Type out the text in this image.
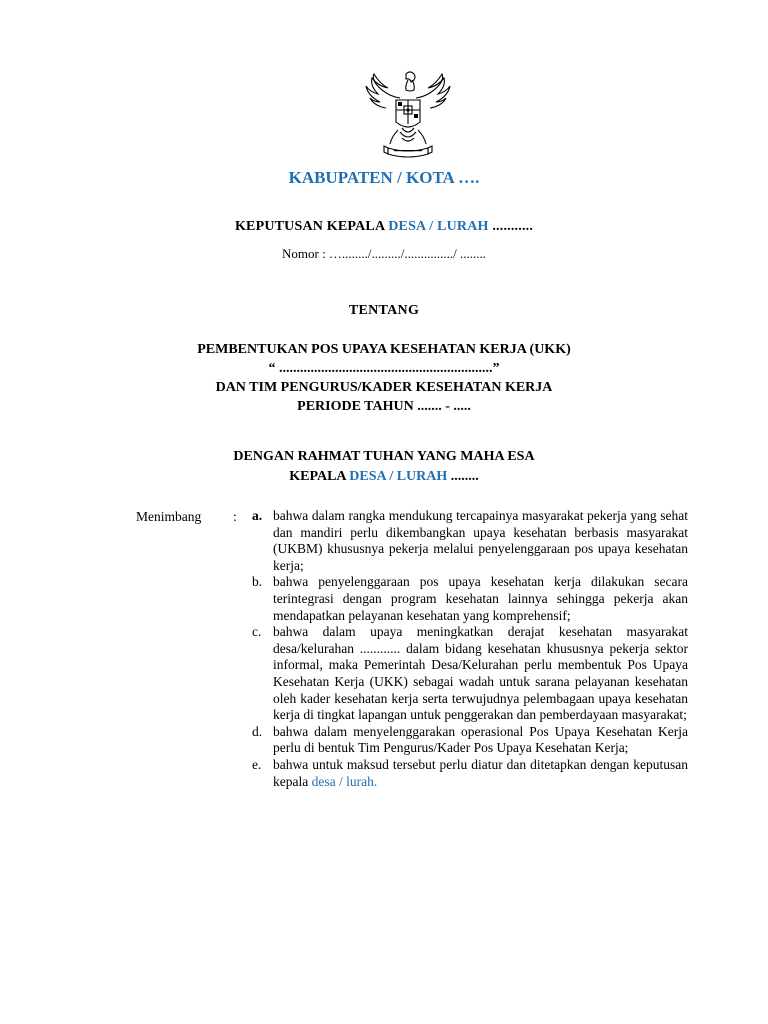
KABUPATEN / KOTA ….
KEPUTUSAN KEPALA DESA / LURAH ...........
Nomor : …......../........./.............../ ........
TENTANG
PEMBENTUKAN POS UPAYA KESEHATAN KERJA (UKK)
“ .............................................................”
DAN TIM PENGURUS/KADER KESEHATAN KERJA
PERIODE TAHUN ....... - .....
DENGAN RAHMAT TUHAN YANG MAHA ESA
KEPALA DESA / LURAH ........
Menimbang : a. bahwa dalam rangka mendukung tercapainya masyarakat pekerja yang sehat dan mandiri perlu dikembangkan upaya kesehatan berbasis masyarakat (UKBM) khususnya pekerja melalui penyelenggaraan pos upaya kesehatan kerja;
b. bahwa penyelenggaraan pos upaya kesehatan kerja dilakukan secara terintegrasi dengan program kesehatan lainnya sehingga pekerja akan mendapatkan pelayanan kesehatan yang komprehensif;
c. bahwa dalam upaya meningkatkan derajat kesehatan masyarakat desa/kelurahan ............ dalam bidang kesehatan khususnya pekerja sektor informal, maka Pemerintah Desa/Kelurahan perlu membentuk Pos Upaya Kesehatan Kerja (UKK) sebagai wadah untuk sarana pelayanan kesehatan oleh kader kesehatan kerja serta terwujudnya pelembagaan upaya kesehatan kerja di tingkat lapangan untuk penggerakan dan pemberdayaan masyarakat;
d. bahwa dalam menyelenggarakan operasional Pos Upaya Kesehatan Kerja perlu di bentuk Tim Pengurus/Kader Pos Upaya Kesehatan Kerja;
e. bahwa untuk maksud tersebut perlu diatur dan ditetapkan dengan keputusan kepala desa / lurah.
